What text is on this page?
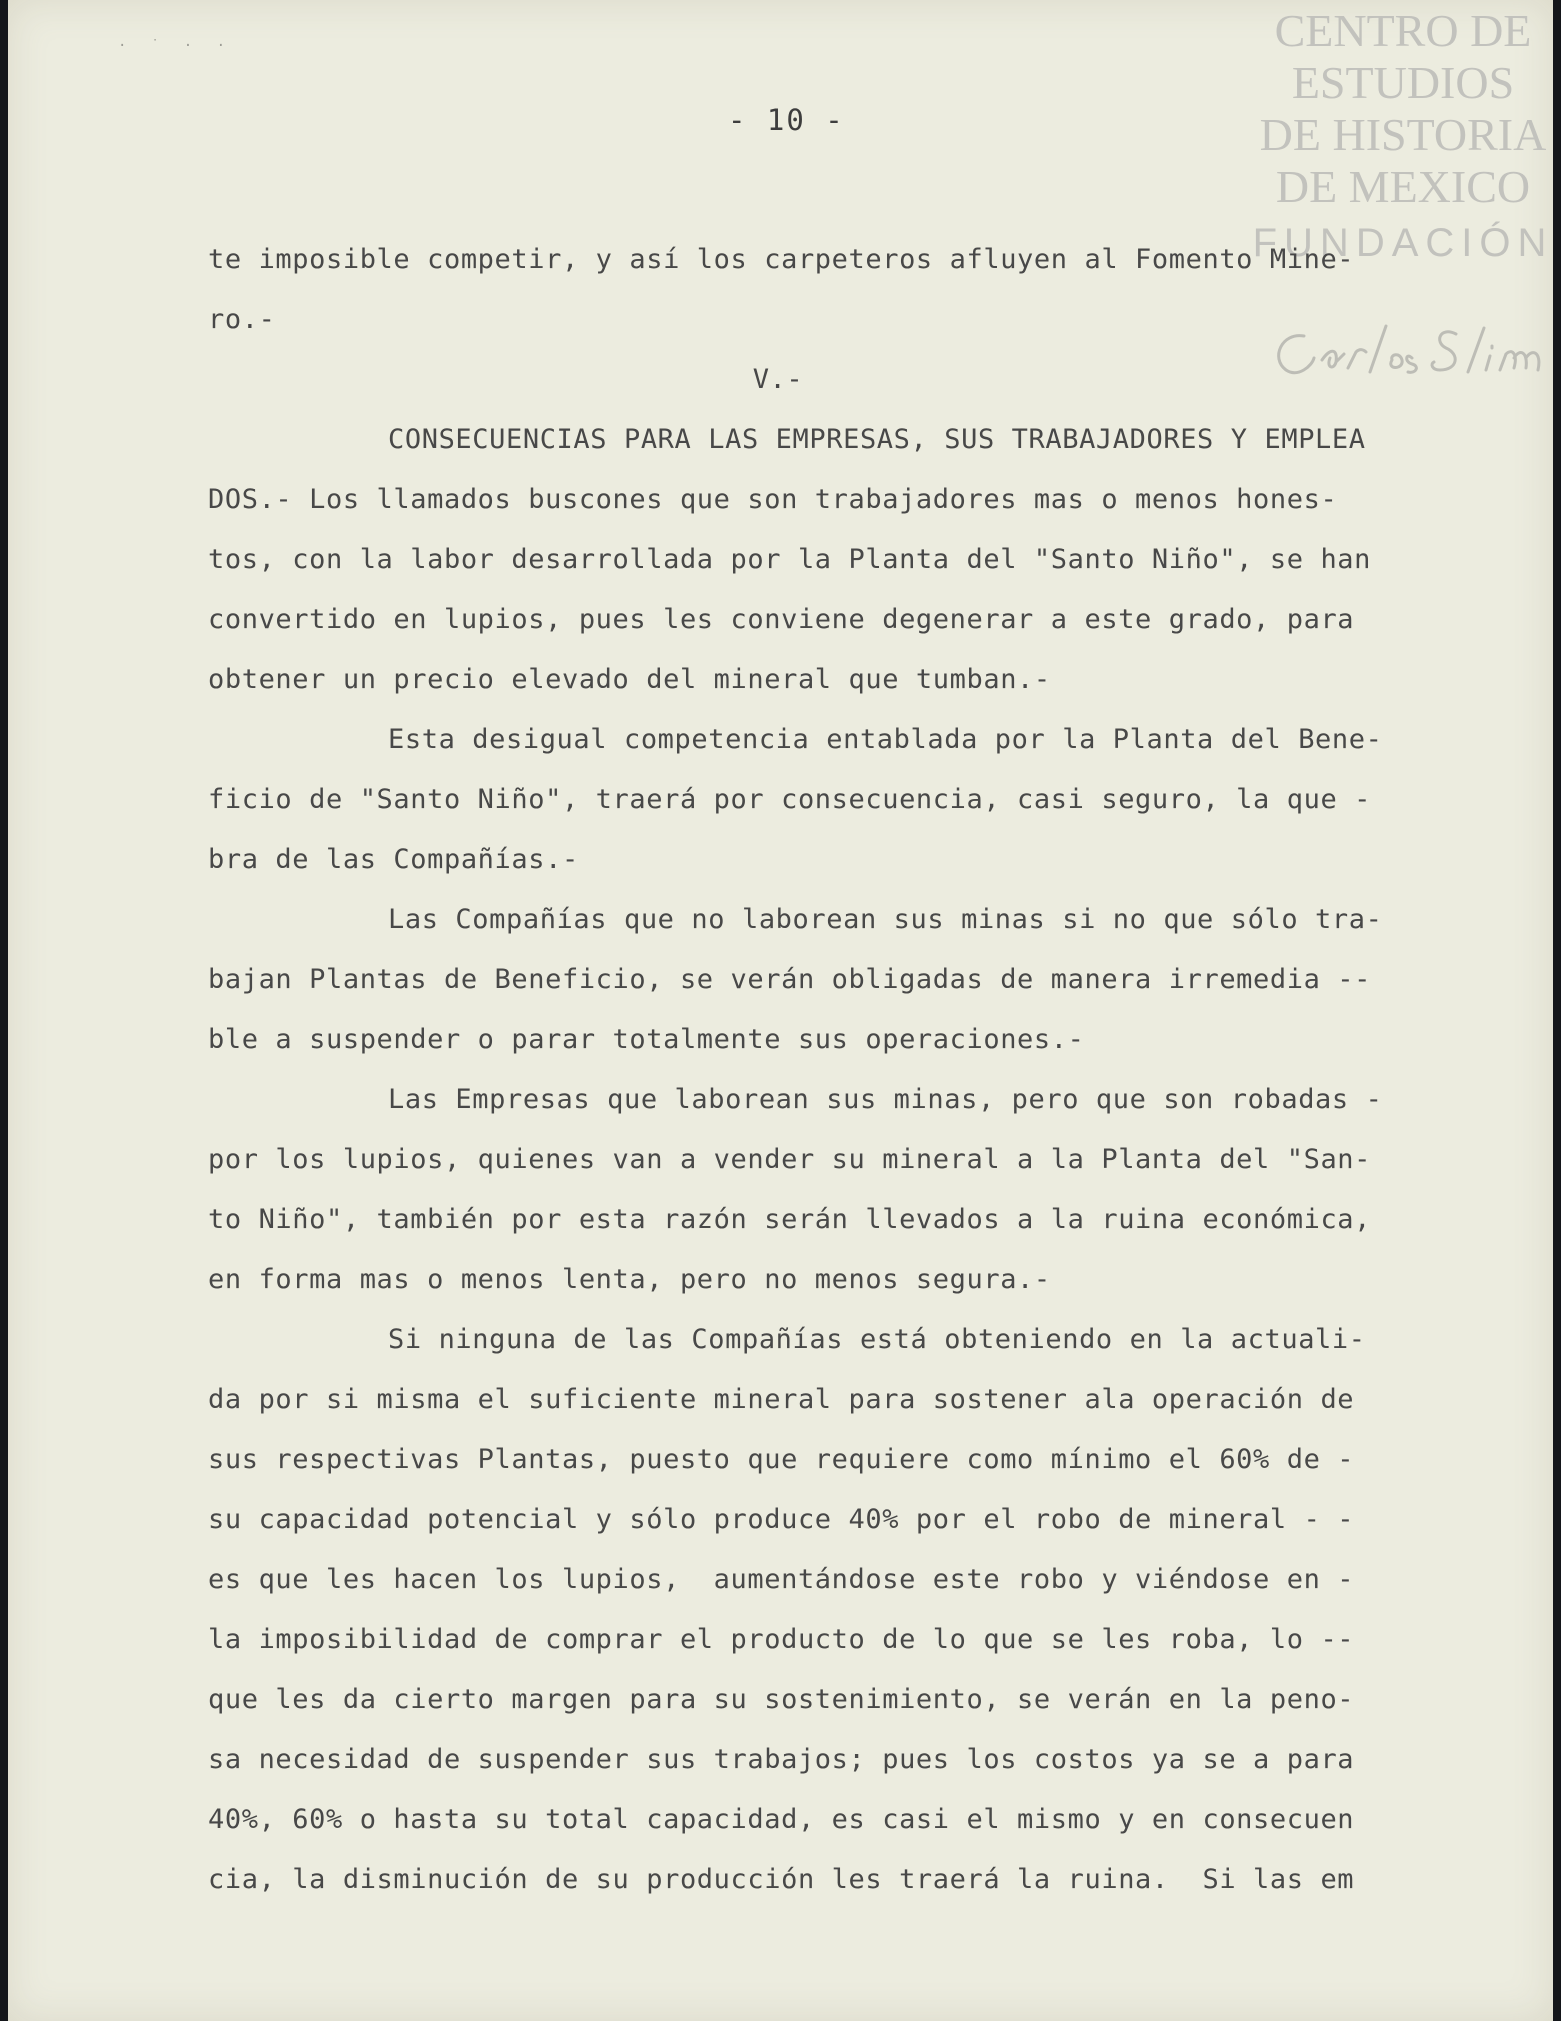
· ˙ · ·
- 10 -
CENTRO DE
ESTUDIOS
DE HISTORIA
DE MEXICO
FUNDACIÓN
te imposible competir, y así los carpeteros afluyen al Fomento Mine-
ro.-
V.-
CONSECUENCIAS PARA LAS EMPRESAS, SUS TRABAJADORES Y EMPLEA
DOS.- Los llamados buscones que son trabajadores mas o menos hones-
tos, con la labor desarrollada por la Planta del "Santo Niño", se han
convertido en lupios, pues les conviene degenerar a este grado, para
obtener un precio elevado del mineral que tumban.-
Esta desigual competencia entablada por la Planta del Bene-
ficio de "Santo Niño", traerá por consecuencia, casi seguro, la que -
bra de las Compañías.-
Las Compañías que no laborean sus minas si no que sólo tra-
bajan Plantas de Beneficio, se verán obligadas de manera irremedia --
ble a suspender o parar totalmente sus operaciones.-
Las Empresas que laborean sus minas, pero que son robadas -
por los lupios, quienes van a vender su mineral a la Planta del "San-
to Niño", también por esta razón serán llevados a la ruina económica,
en forma mas o menos lenta, pero no menos segura.-
Si ninguna de las Compañías está obteniendo en la actuali-
da por si misma el suficiente mineral para sostener ala operación de
sus respectivas Plantas, puesto que requiere como mínimo el 60% de -
su capacidad potencial y sólo produce 40% por el robo de mineral - -
es que les hacen los lupios,  aumentándose este robo y viéndose en -
la imposibilidad de comprar el producto de lo que se les roba, lo --
que les da cierto margen para su sostenimiento, se verán en la peno-
sa necesidad de suspender sus trabajos; pues los costos ya se a para
40%, 60% o hasta su total capacidad, es casi el mismo y en consecuen
cia, la disminución de su producción les traerá la ruina.  Si las em
